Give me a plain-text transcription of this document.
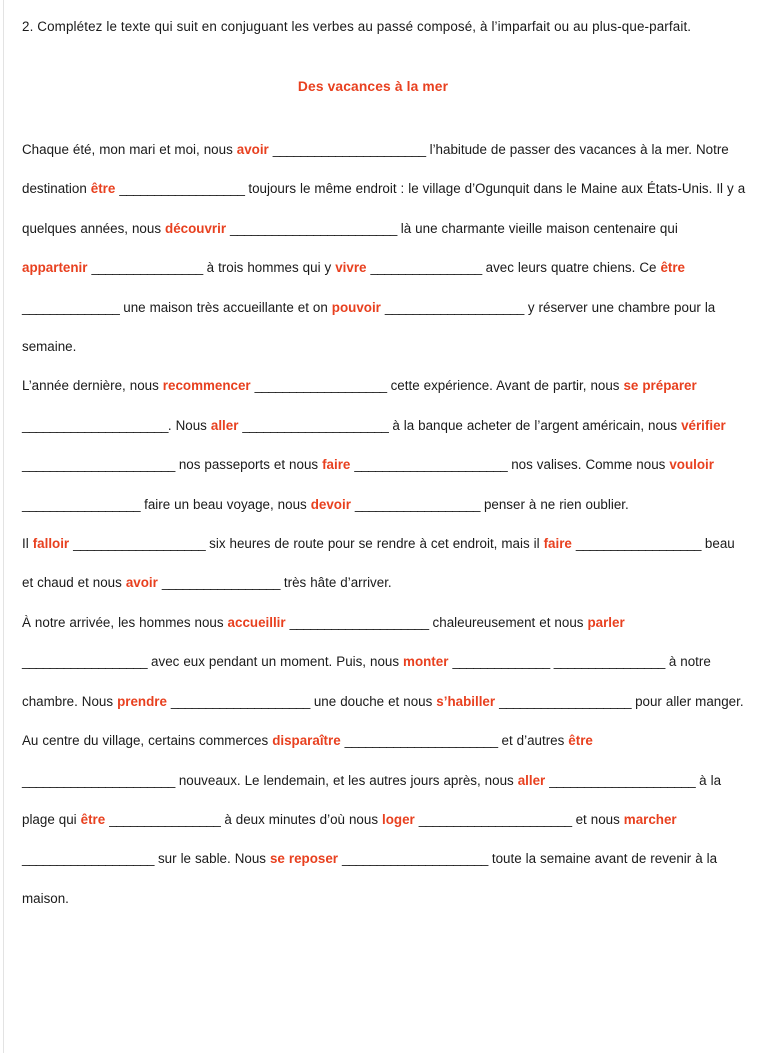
2. Complétez le texte qui suit en conjuguant les verbes au passé composé, à l’imparfait ou au plus-que-parfait.

Des vacances à la mer

Chaque été, mon mari et moi, nous avoir ______________________ l’habitude de passer des vacances à la mer. Notre destination être __________________ toujours le même endroit : le village d’Ogunquit dans le Maine aux États-Unis. Il y a quelques années, nous découvrir ________________________ là une charmante vieille maison centenaire qui appartenir ________________ à trois hommes qui y vivre ________________ avec leurs quatre chiens. Ce être ______________ une maison très accueillante et on pouvoir ____________________ y réserver une chambre pour la semaine.

L’année dernière, nous recommencer ___________________ cette expérience. Avant de partir, nous se préparer _____________________. Nous aller _____________________ à la banque acheter de l’argent américain, nous vérifier ______________________ nos passeports et nous faire ______________________ nos valises. Comme nous vouloir _________________ faire un beau voyage, nous devoir __________________ penser à ne rien oublier.

Il falloir ___________________ six heures de route pour se rendre à cet endroit, mais il faire __________________ beau et chaud et nous avoir _________________ très hâte d’arriver.

À notre arrivée, les hommes nous accueillir ____________________ chaleureusement et nous parler __________________ avec eux pendant un moment. Puis, nous monter ______________ ________________ à notre chambre. Nous prendre ____________________ une douche et nous s’habiller ___________________ pour aller manger. Au centre du village, certains commerces disparaître ______________________ et d’autres être ______________________ nouveaux. Le lendemain, et les autres jours après, nous aller _____________________ à la plage qui être ________________ à deux minutes d’où nous loger ______________________ et nous marcher ___________________ sur le sable. Nous se reposer _____________________ toute la semaine avant de revenir à la maison.
